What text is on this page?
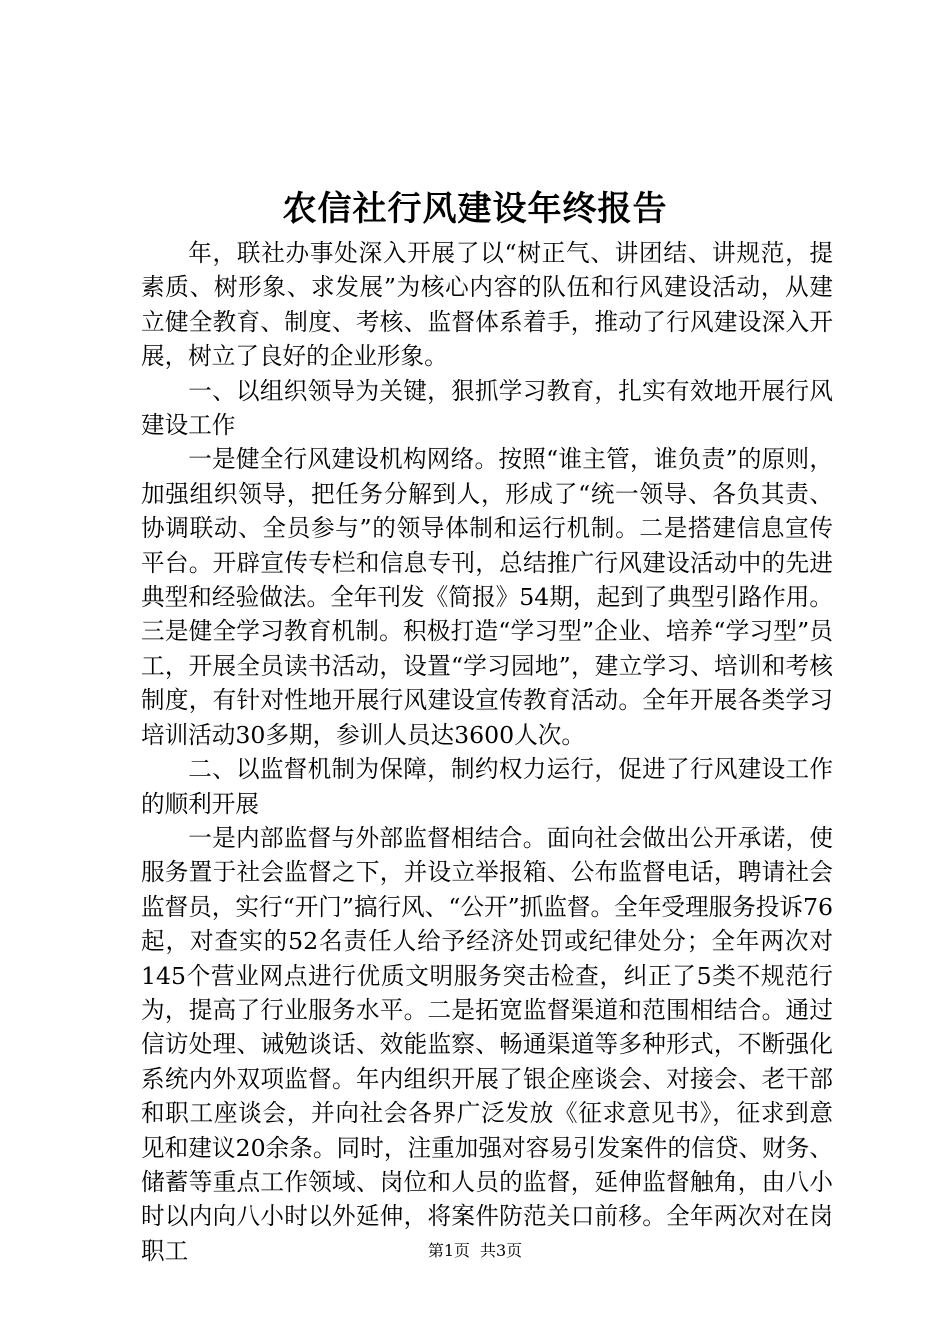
农信社行风建设年终报告

年，联社办事处深入开展了以“树正气、讲团结、讲规范，提素质、树形象、求发展”为核心内容的队伍和行风建设活动，从建立健全教育、制度、考核、监督体系着手，推动了行风建设深入开展，树立了良好的企业形象。

一、以组织领导为关键，狠抓学习教育，扎实有效地开展行风建设工作

一是健全行风建设机构网络。按照“谁主管，谁负责”的原则，加强组织领导，把任务分解到人，形成了“统一领导、各负其责、协调联动、全员参与”的领导体制和运行机制。二是搭建信息宣传平台。开辟宣传专栏和信息专刊，总结推广行风建设活动中的先进典型和经验做法。全年刊发《简报》54期，起到了典型引路作用。三是健全学习教育机制。积极打造“学习型”企业、培养“学习型”员工，开展全员读书活动，设置“学习园地”，建立学习、培训和考核制度，有针对性地开展行风建设宣传教育活动。全年开展各类学习培训活动30多期，参训人员达3600人次。

二、以监督机制为保障，制约权力运行，促进了行风建设工作的顺利开展

一是内部监督与外部监督相结合。面向社会做出公开承诺，使服务置于社会监督之下，并设立举报箱、公布监督电话，聘请社会监督员，实行“开门”搞行风、“公开”抓监督。全年受理服务投诉76起，对查实的52名责任人给予经济处罚或纪律处分；全年两次对145个营业网点进行优质文明服务突击检查，纠正了5类不规范行为，提高了行业服务水平。二是拓宽监督渠道和范围相结合。通过信访处理、诫勉谈话、效能监察、畅通渠道等多种形式，不断强化系统内外双项监督。年内组织开展了银企座谈会、对接会、老干部和职工座谈会，并向社会各界广泛发放《征求意见书》，征求到意见和建议20余条。同时，注重加强对容易引发案件的信贷、财务、储蓄等重点工作领域、岗位和人员的监督，延伸监督触角，由八小时以内向八小时以外延伸，将案件防范关口前移。全年两次对在岗职工	第1页 共3页
